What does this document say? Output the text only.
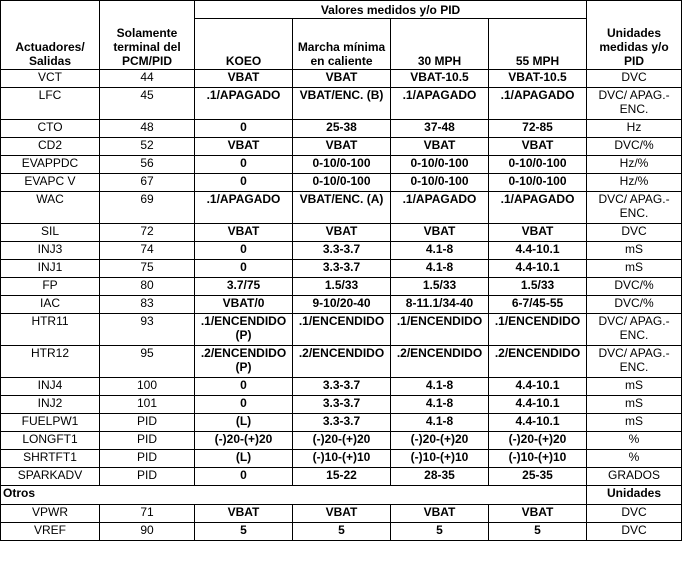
Actuadores/ Salidas	Solamente terminal del PCM/PID	Valores medidos y/o PID				Unidades medidas y/o PID
		KOEO	Marcha mínima en caliente	30 MPH	55 MPH	
VCT	44	VBAT	VBAT	VBAT-10.5	VBAT-10.5	DVC
LFC	45	.1/APAGADO	VBAT/ENC. (B)	.1/APAGADO	.1/APAGADO	DVC/ APAG.-ENC.
CTO	48	0	25-38	37-48	72-85	Hz
CD2	52	VBAT	VBAT	VBAT	VBAT	DVC/%
EVAPPDC	56	0	0-10/0-100	0-10/0-100	0-10/0-100	Hz/%
EVAPC V	67	0	0-10/0-100	0-10/0-100	0-10/0-100	Hz/%
WAC	69	.1/APAGADO	VBAT/ENC. (A)	.1/APAGADO	.1/APAGADO	DVC/ APAG.-ENC.
SIL	72	VBAT	VBAT	VBAT	VBAT	DVC
INJ3	74	0	3.3-3.7	4.1-8	4.4-10.1	mS
INJ1	75	0	3.3-3.7	4.1-8	4.4-10.1	mS
FP	80	3.7/75	1.5/33	1.5/33	1.5/33	DVC/%
IAC	83	VBAT/0	9-10/20-40	8-11.1/34-40	6-7/45-55	DVC/%
HTR11	93	.1/ENCENDIDO (P)	.1/ENCENDIDO	.1/ENCENDIDO	.1/ENCENDIDO	DVC/ APAG.-ENC.
HTR12	95	.2/ENCENDIDO (P)	.2/ENCENDIDO	.2/ENCENDIDO	.2/ENCENDIDO	DVC/ APAG.-ENC.
INJ4	100	0	3.3-3.7	4.1-8	4.4-10.1	mS
INJ2	101	0	3.3-3.7	4.1-8	4.4-10.1	mS
FUELPW1	PID	(L)	3.3-3.7	4.1-8	4.4-10.1	mS
LONGFT1	PID	(-)20-(+)20	(-)20-(+)20	(-)20-(+)20	(-)20-(+)20	%
SHRTFT1	PID	(L)	(-)10-(+)10	(-)10-(+)10	(-)10-(+)10	%
SPARKADV	PID	0	15-22	28-35	25-35	GRADOS
Otros						Unidades
VPWR	71	VBAT	VBAT	VBAT	VBAT	DVC
VREF	90	5	5	5	5	DVC
